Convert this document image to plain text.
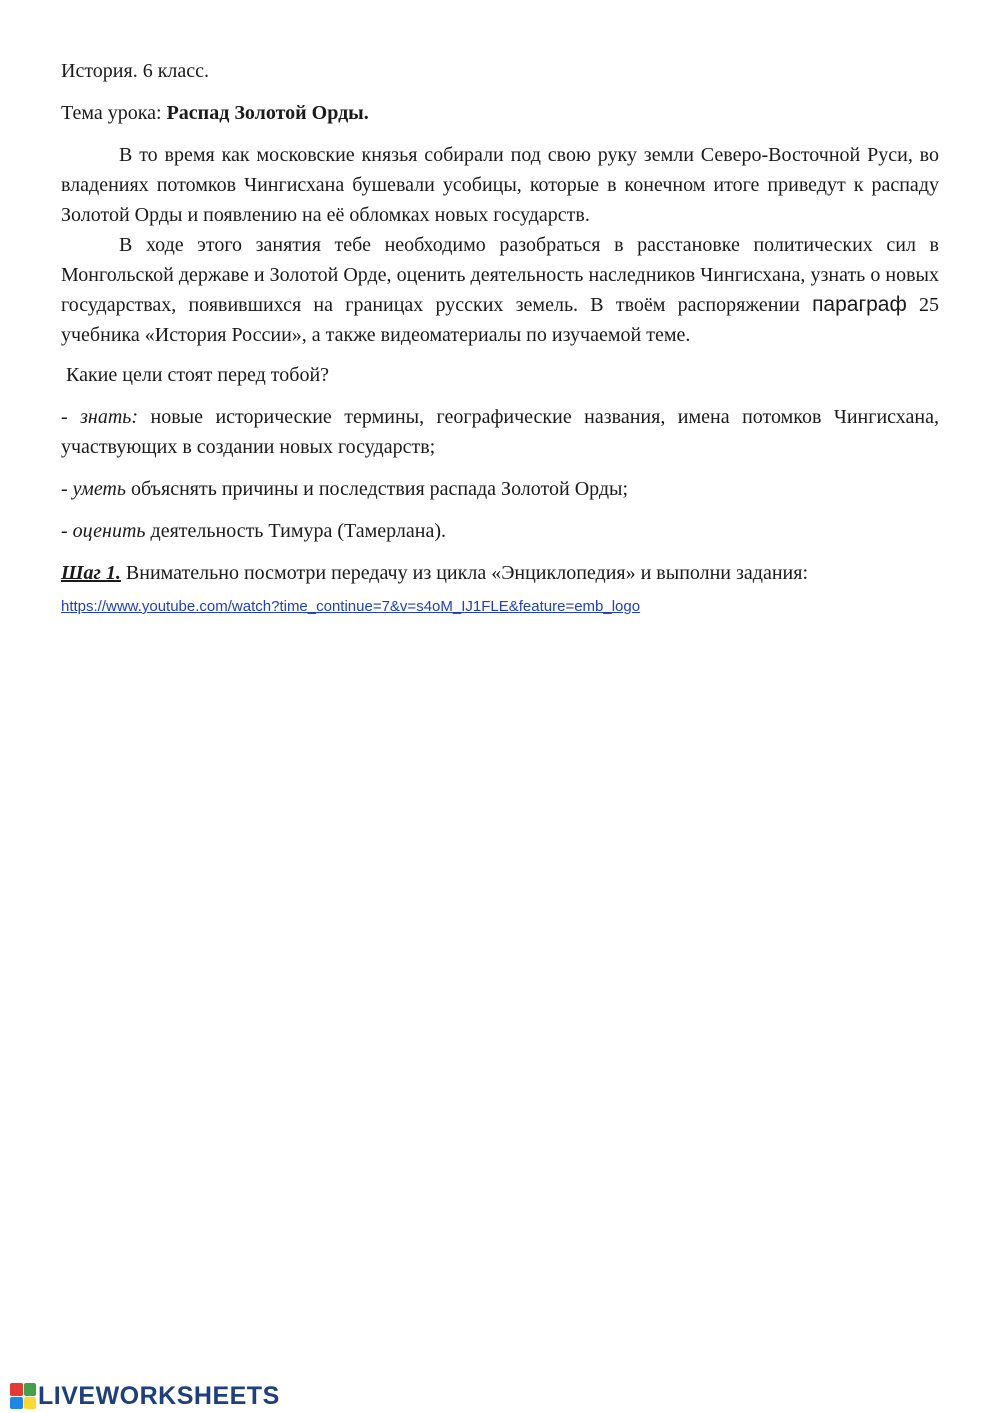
История. 6 класс.

Тема урока: Распад Золотой Орды.

В то время как московские князья собирали под свою руку земли Северо-Восточной Руси, во владениях потомков Чингисхана бушевали усобицы, которые в конечном итоге приведут к распаду Золотой Орды и появлению на её обломках новых государств.

В ходе этого занятия тебе необходимо разобраться в расстановке политических сил в Монгольской державе и Золотой Орде, оценить деятельность наследников Чингисхана, узнать о новых государствах, появившихся на границах русских земель. В твоём распоряжении параграф 25 учебника «История России», а также видеоматериалы по изучаемой теме.

Какие цели стоят перед тобой?

- знать: новые исторические термины, географические названия, имена потомков Чингисхана, участвующих в создании новых государств;

- уметь объяснять причины и последствия распада Золотой Орды;

- оценить деятельность Тимура (Тамерлана).

Шаг 1. Внимательно посмотри передачу из цикла «Энциклопедия» и выполни задания:

https://www.youtube.com/watch?time_continue=7&v=s4oM_IJ1FLE&feature=emb_logo
LIVEWORKSHEETS
